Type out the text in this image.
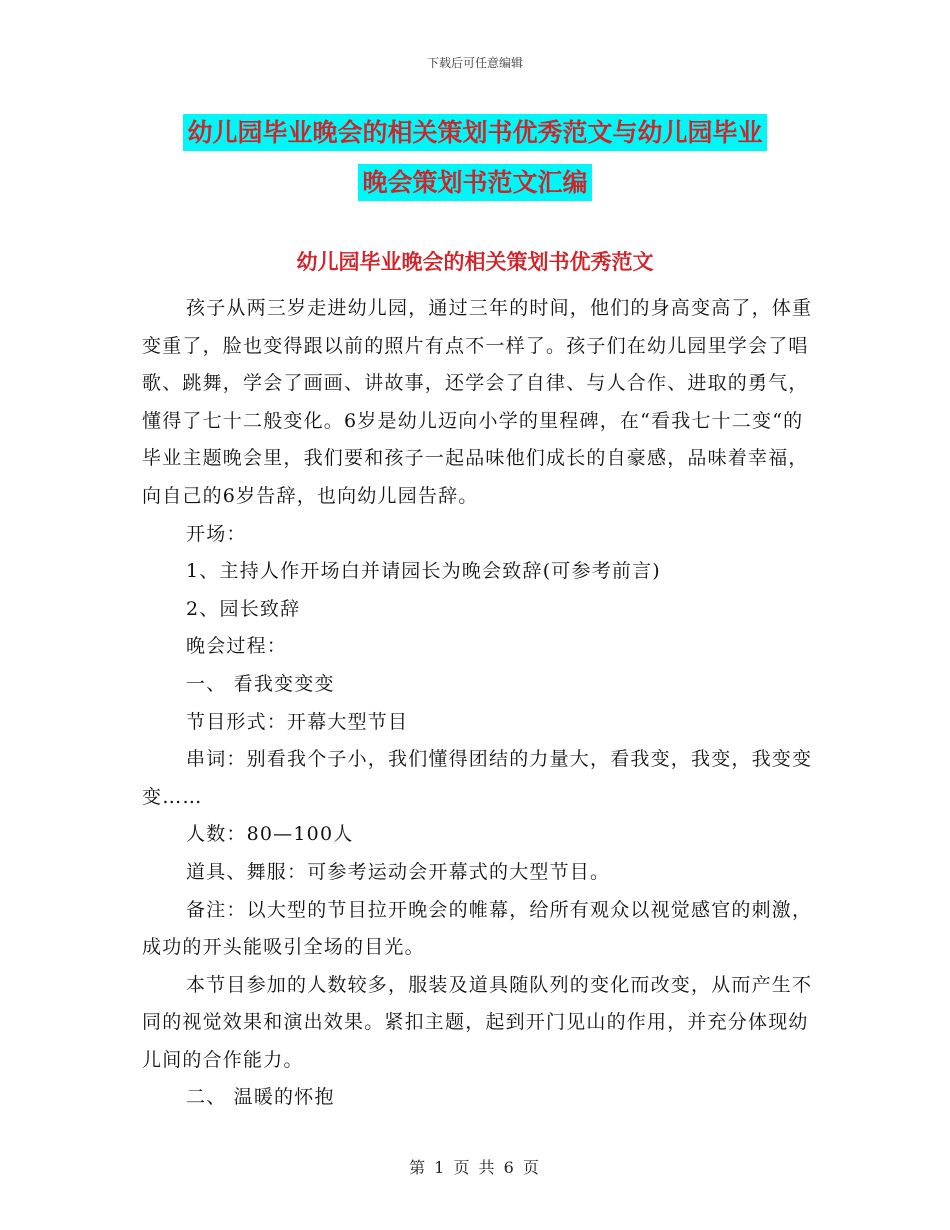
下载后可任意编辑
幼儿园毕业晚会的相关策划书优秀范文与幼儿园毕业
晚会策划书范文汇编
幼儿园毕业晚会的相关策划书优秀范文

孩子从两三岁走进幼儿园，通过三年的时间，他们的身高变高了，体重变重了，脸也变得跟以前的照片有点不一样了。孩子们在幼儿园里学会了唱歌、跳舞，学会了画画、讲故事，还学会了自律、与人合作、进取的勇气，懂得了七十二般变化。6岁是幼儿迈向小学的里程碑，在“看我七十二变“的毕业主题晚会里，我们要和孩子一起品味他们成长的自豪感，品味着幸福，向自己的6岁告辞，也向幼儿园告辞。

开场：

1、主持人作开场白并请园长为晚会致辞(可参考前言)

2、园长致辞

晚会过程：

一、 看我变变变

节目形式：开幕大型节目

串词：别看我个子小，我们懂得团结的力量大，看我变，我变，我变变变……

人数：80—100人

道具、舞服：可参考运动会开幕式的大型节目。

备注：以大型的节目拉开晚会的帷幕，给所有观众以视觉感官的刺激，成功的开头能吸引全场的目光。

本节目参加的人数较多，服装及道具随队列的变化而改变，从而产生不同的视觉效果和演出效果。紧扣主题，起到开门见山的作用，并充分体现幼儿间的合作能力。

二、 温暖的怀抱

第 1 页 共 6 页
